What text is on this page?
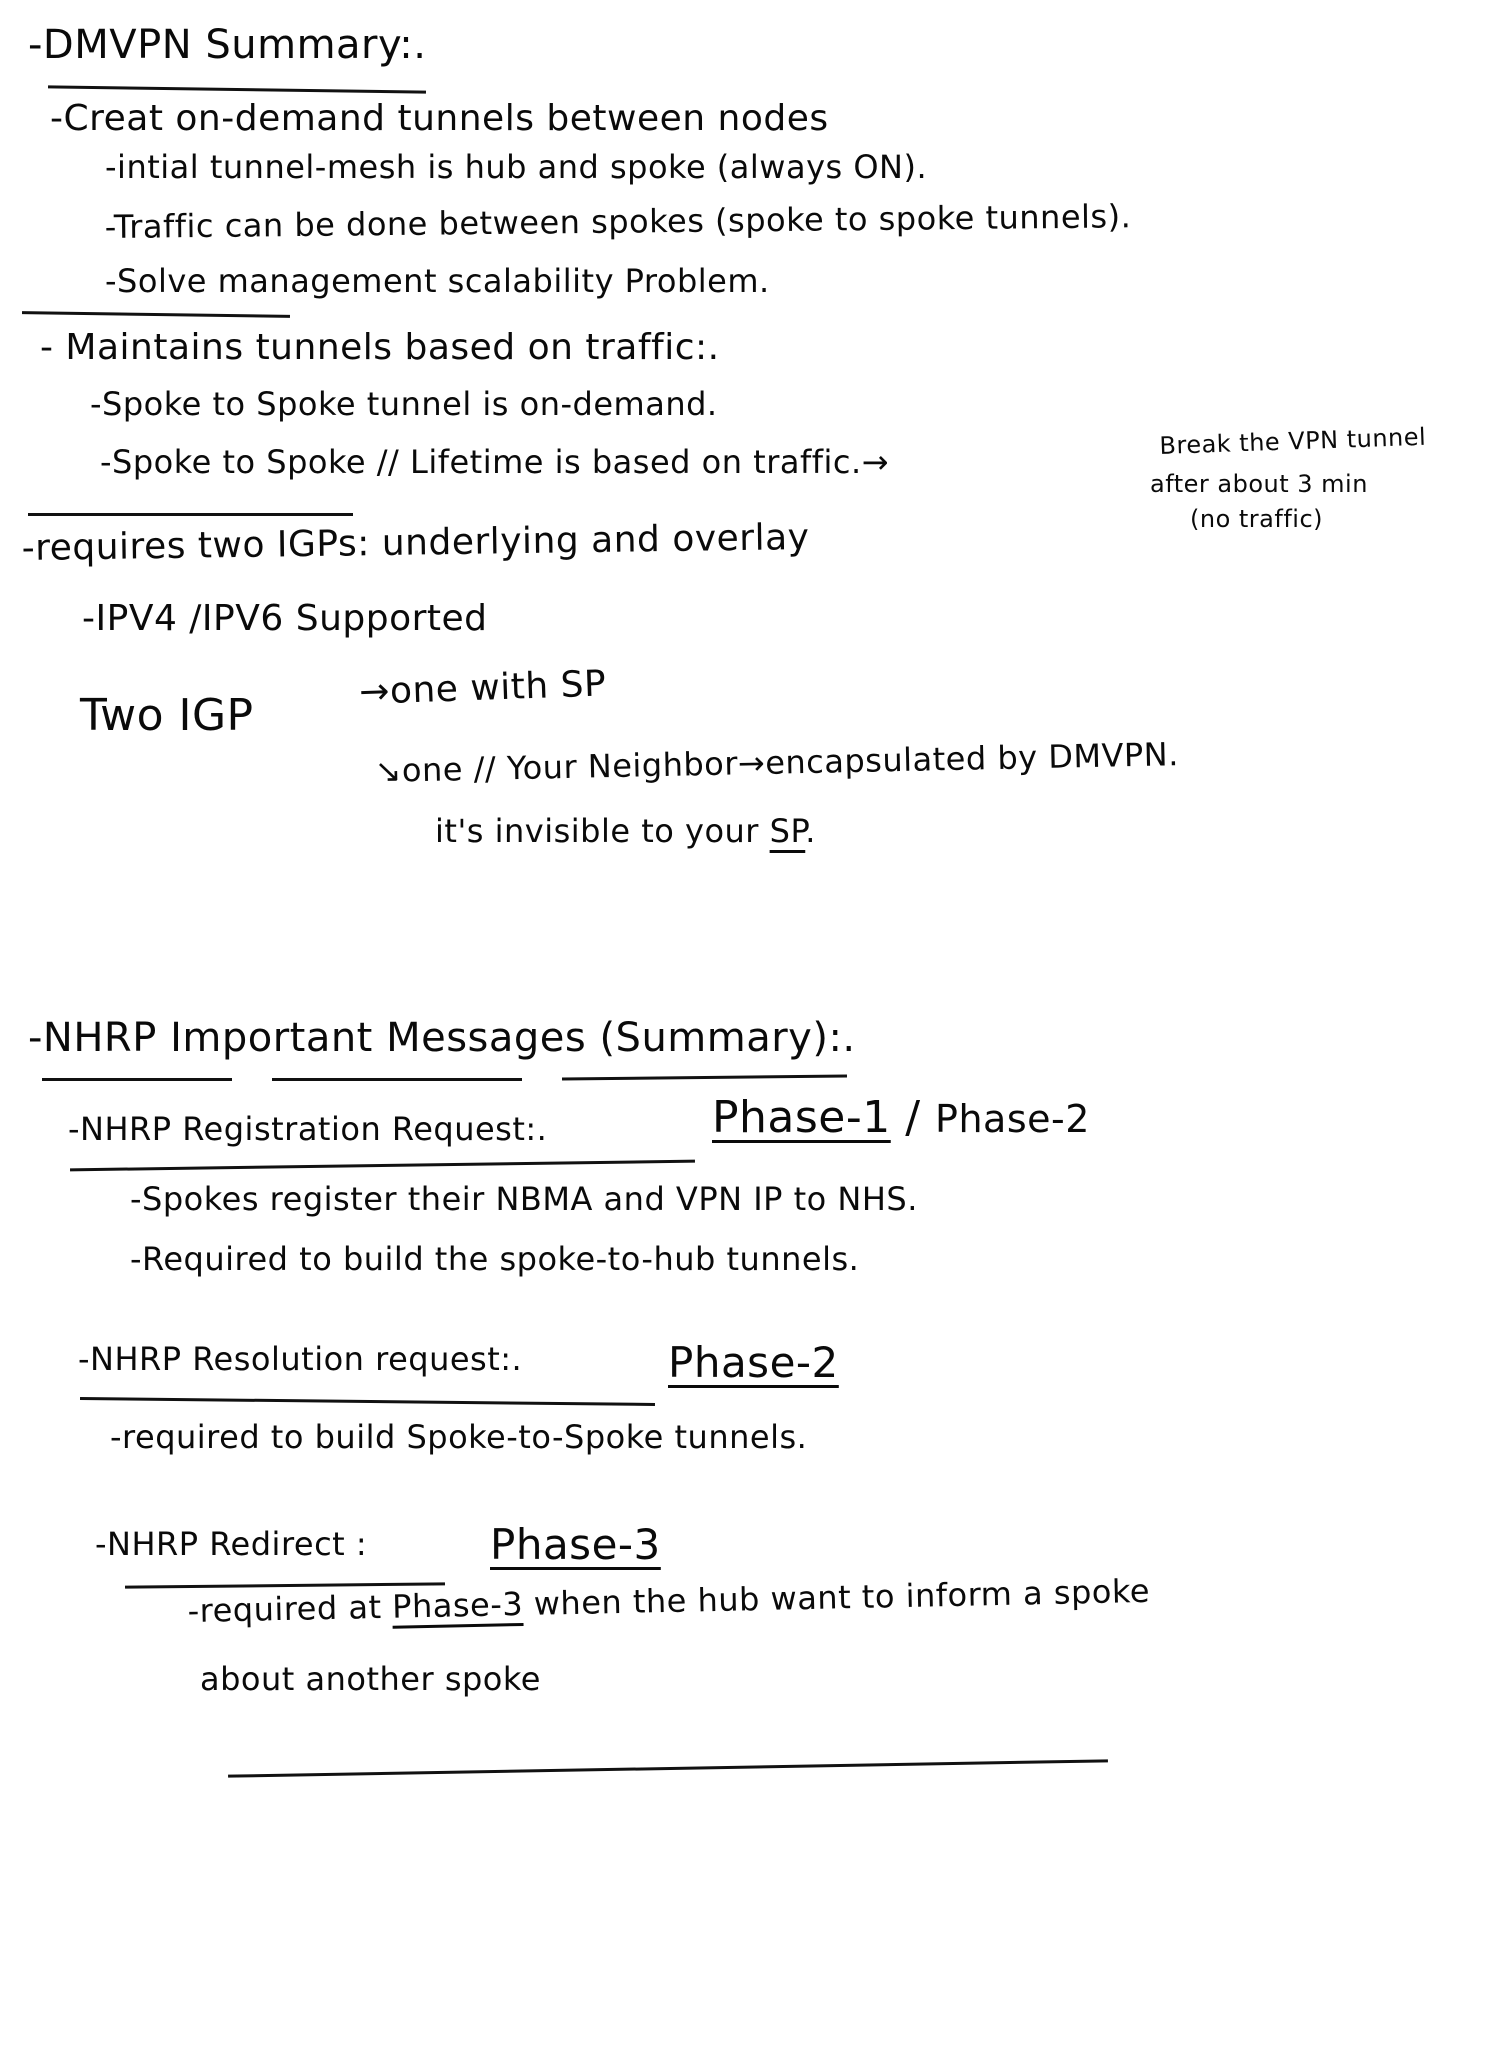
-DMVPN Summary:.
-Creat on-demand tunnels between nodes
-intial tunnel-mesh is hub and spoke (always ON).
-Traffic can be done between spokes (spoke to spoke tunnels).
-Solve management scalability Problem.
- Maintains tunnels based on traffic:.
-Spoke to Spoke tunnel is on-demand.
-Spoke to Spoke // Lifetime is based on traffic.→
Break the VPN tunnel
after about 3 min
(no traffic)
-requires two IGPs: underlying and overlay
-IPV4 /IPV6 Supported
Two IGP
→one with SP
↘one // Your Neighbor→encapsulated by DMVPN.
it's invisible to your SP.
-NHRP Important Messages (Summary):.
-NHRP Registration Request:.	Phase-1 / Phase-2
-Spokes register their NBMA and VPN IP to NHS.
-Required to build the spoke-to-hub tunnels.
-NHRP Resolution request:.	Phase-2
-required to build Spoke-to-Spoke tunnels.
-NHRP Redirect :	Phase-3
-required at Phase-3 when the hub want to inform a spoke
about another spoke
